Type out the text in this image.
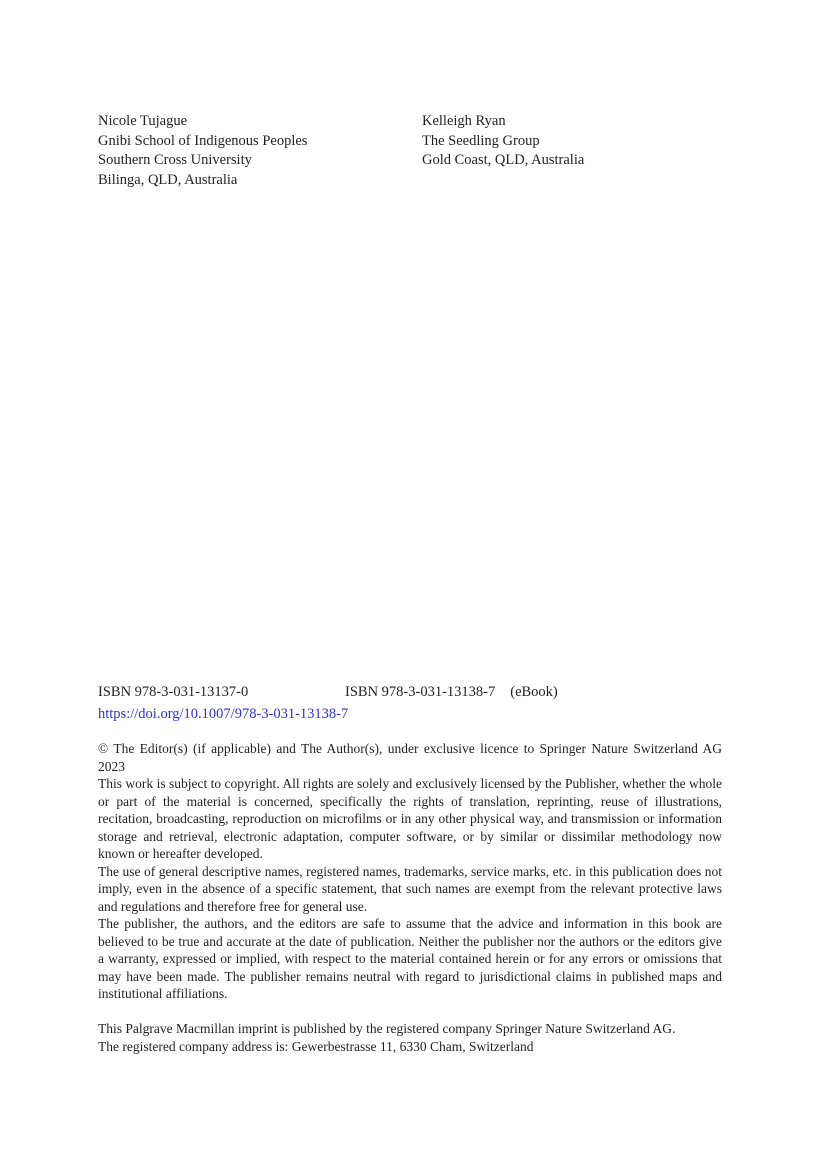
Nicole Tujague
Gnibi School of Indigenous Peoples
Southern Cross University
Bilinga, QLD, Australia
Kelleigh Ryan
The Seedling Group
Gold Coast, QLD, Australia
ISBN 978-3-031-13137-0	ISBN 978-3-031-13138-7 (eBook)
https://doi.org/10.1007/978-3-031-13138-7

© The Editor(s) (if applicable) and The Author(s), under exclusive licence to Springer Nature Switzerland AG 2023

This work is subject to copyright. All rights are solely and exclusively licensed by the Publisher, whether the whole or part of the material is concerned, specifically the rights of translation, reprinting, reuse of illustrations, recitation, broadcasting, reproduction on microfilms or in any other physical way, and transmission or information storage and retrieval, electronic adaptation, computer software, or by similar or dissimilar methodology now known or hereafter developed.

The use of general descriptive names, registered names, trademarks, service marks, etc. in this publication does not imply, even in the absence of a specific statement, that such names are exempt from the relevant protective laws and regulations and therefore free for general use.

The publisher, the authors, and the editors are safe to assume that the advice and information in this book are believed to be true and accurate at the date of publication. Neither the publisher nor the authors or the editors give a warranty, expressed or implied, with respect to the material contained herein or for any errors or omissions that may have been made. The publisher remains neutral with regard to jurisdictional claims in published maps and institutional affiliations.

This Palgrave Macmillan imprint is published by the registered company Springer Nature Switzerland AG.

The registered company address is: Gewerbestrasse 11, 6330 Cham, Switzerland
